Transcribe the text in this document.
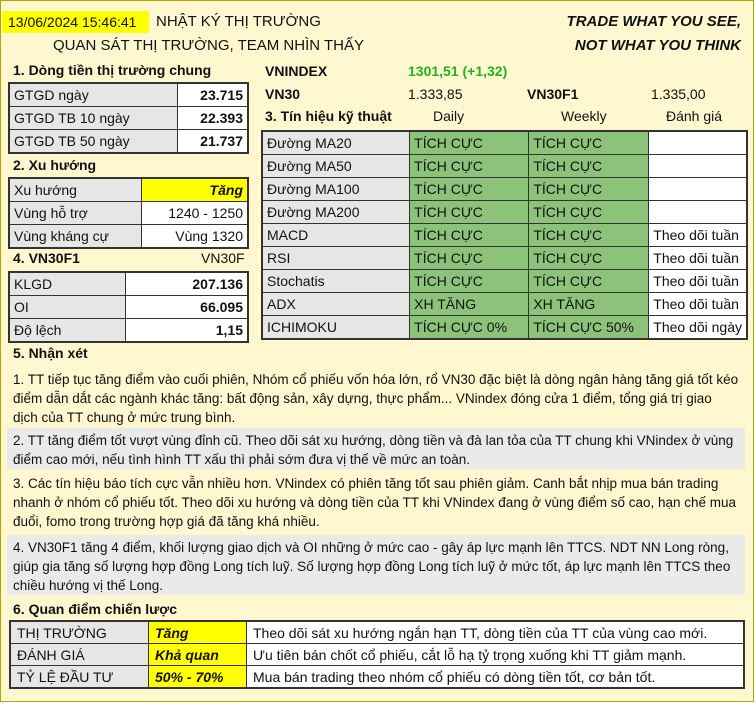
13/06/2024 15:46:41	NHẬT KÝ THỊ TRƯỜNG
QUAN SÁT THỊ TRƯỜNG, TEAM NHÌN THẤY
TRADE WHAT YOU SEE,
NOT WHAT YOU THINK
1. Dòng tiền thị trường chung
GTGD ngày	23.715
GTGD TB 10 ngày	22.393
GTGD TB 50 ngày	21.737
2. Xu hướng
Xu hướng	Tăng
Vùng hỗ trợ	1240 - 1250
Vùng kháng cự	Vùng 1320
4. VN30F1	VN30F
KLGD	207.136
OI	66.095
Độ lệch	1,15
VNINDEX	1301,51 (+1,32)
VN30	1.333,85	VN30F1	1.335,00
3. Tín hiệu kỹ thuật	Daily	Weekly	Đánh giá
Đường MA20	TÍCH CỰC	TÍCH CỰC	
Đường MA50	TÍCH CỰC	TÍCH CỰC	
Đường MA100	TÍCH CỰC	TÍCH CỰC	
Đường MA200	TÍCH CỰC	TÍCH CỰC	
MACD	TÍCH CỰC	TÍCH CỰC	Theo dõi tuần
RSI	TÍCH CỰC	TÍCH CỰC	Theo dõi tuần
Stochatis	TÍCH CỰC	TÍCH CỰC	Theo dõi tuần
ADX	XH TĂNG	XH TĂNG	Theo dõi tuần
ICHIMOKU	TÍCH CỰC 0%	TÍCH CỰC 50%	Theo dõi ngày
5. Nhận xét
1. TT tiếp tục tăng điểm vào cuối phiên, Nhóm cổ phiếu vốn hóa lớn, rổ VN30 đặc biệt là dòng ngân hàng tăng giá tốt kéo điểm dẫn dắt các ngành khác tăng: bất động sản, xây dựng, thực phẩm... VNindex đóng cửa 1 điểm, tổng giá trị giao dịch của TT chung ở mức trung bình.
2. TT tăng điểm tốt vượt vùng đỉnh cũ. Theo dõi sát xu hướng, dòng tiền và đà lan tỏa của TT chung khi VNindex ở vùng điểm cao mới, nếu tình hình TT xấu thì phải sớm đưa vị thế về mức an toàn.
3. Các tín hiệu báo tích cực vẫn nhiều hơn. VNindex có phiên tăng tốt sau phiên giảm. Canh bắt nhịp mua bán trading nhanh ở nhóm cổ phiếu tốt. Theo dõi xu hướng và dòng tiền của TT khi VNindex đang ở vùng điểm số cao, hạn chế mua đuổi, fomo trong trường hợp giá đã tăng khá nhiều.
4. VN30F1 tăng 4 điểm, khối lượng giao dịch và OI những ở mức cao - gây áp lực mạnh lên TTCS. NDT NN Long ròng, giúp gia tăng số lượng hợp đồng Long tích luỹ. Số lượng hợp đồng Long tích luỹ ở mức tốt, áp lực mạnh lên TTCS theo chiều hướng vị thế Long.
6. Quan điểm chiến lược
THỊ TRƯỜNG	Tăng	Theo dõi sát xu hướng ngắn hạn TT, dòng tiền của TT của vùng cao mới.
ĐÁNH GIÁ	Khả quan	Ưu tiên bán chốt cổ phiếu, cắt lỗ hạ tỷ trọng xuống khi TT giảm mạnh.
TỶ LỆ ĐẦU TƯ	50% - 70%	Mua bán trading theo nhóm cổ phiếu có dòng tiền tốt, cơ bản tốt.
